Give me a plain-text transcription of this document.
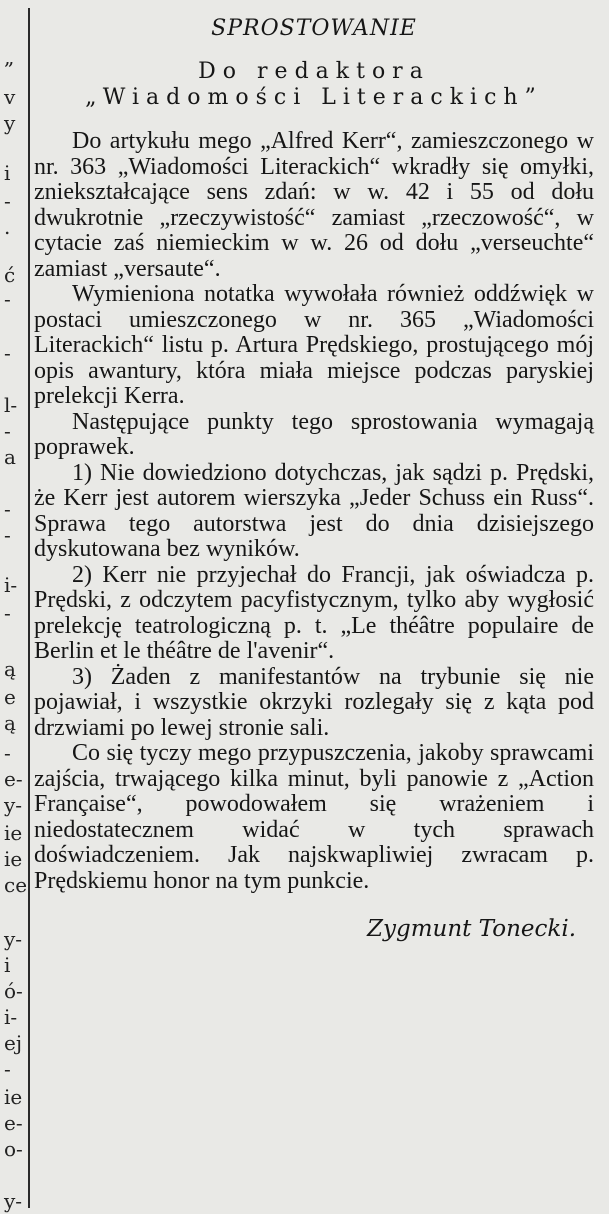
„
v
y
i
-
.
ć
-
-
l-
-
a
-
-
i-
-
ą
e
ą
-
e-
y-
ie
ie
ce
y-
i
ó-
i-
ej
-
ie
e-
o-
y-
SPROSTOWANIE
Do redaktora
„Wiadomości Literackich”

Do artykułu mego „Alfred Kerr“, zamieszczonego w nr. 363 „Wiadomości Literackich“ wkradły się omyłki, zniekształcające sens zdań: w w. 42 i 55 od dołu dwukrotnie „rzeczywistość“ zamiast „rzeczowość“, w cytacie zaś niemieckim w w. 26 od dołu „verseuchte“ zamiast „versaute“.

Wymieniona notatka wywołała również oddźwięk w postaci umieszczonego w nr. 365 „Wiadomości Literackich“ listu p. Artura Prędskiego, prostującego mój opis awantury, która miała miejsce podczas paryskiej prelekcji Kerra.

Następujące punkty tego sprostowania wymagają poprawek.

1) Nie dowiedziono dotychczas, jak sądzi p. Prędski, że Kerr jest autorem wierszyka „Jeder Schuss ein Russ“. Sprawa tego autorstwa jest do dnia dzisiejszego dyskutowana bez wyników.

2) Kerr nie przyjechał do Francji, jak oświadcza p. Prędski, z odczytem pacyfistycznym, tylko aby wygłosić prelekcję teatrologiczną p. t. „Le théâtre populaire de Berlin et le théâtre de l'avenir“.

3) Żaden z manifestantów na trybunie się nie pojawiał, i wszystkie okrzyki rozlegały się z kąta pod drzwiami po lewej stronie sali.

Co się tyczy mego przypuszczenia, jakoby sprawcami zajścia, trwającego kilka minut, byli panowie z „Action Française“, powodowałem się wrażeniem i niedostatecznem widać w tych sprawach doświadczeniem. Jak najskwapliwiej zwracam p. Prędskiemu honor na tym punkcie.

Zygmunt Tonecki.
